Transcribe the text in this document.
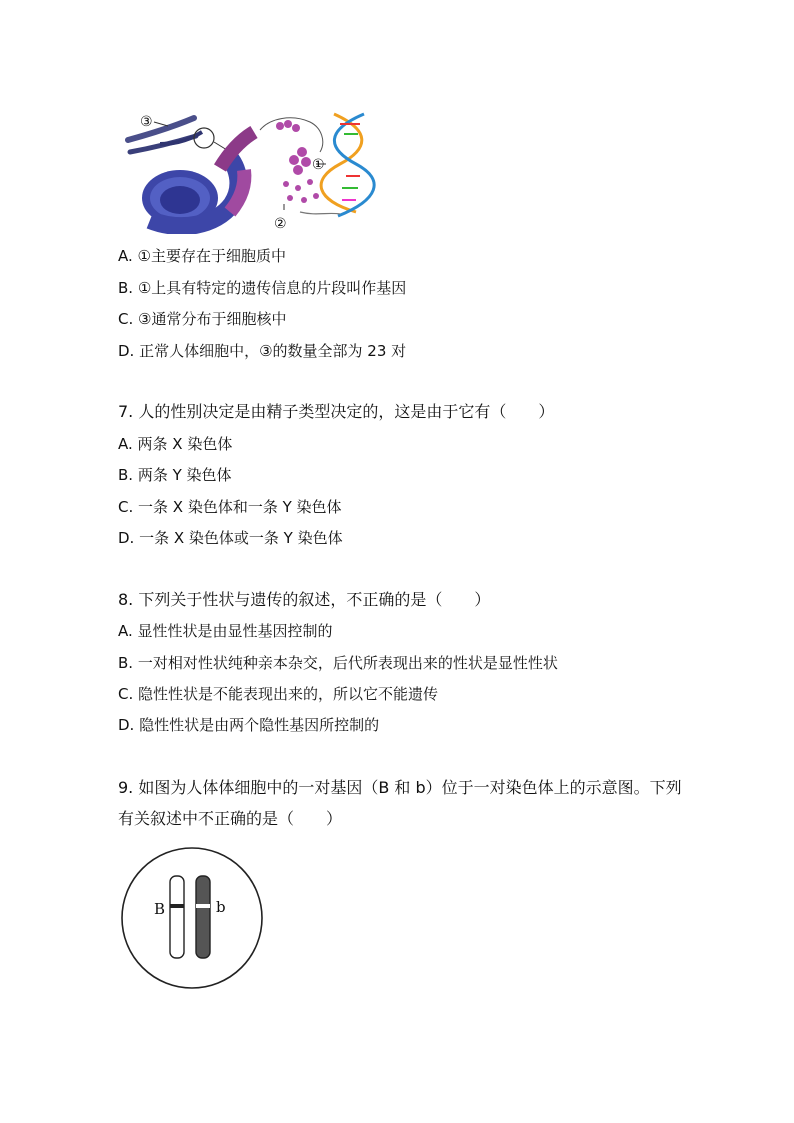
③
①
②
A. ①主要存在于细胞质中
B. ①上具有特定的遗传信息的片段叫作基因
C. ③通常分布于细胞核中
D. 正常人体细胞中，③的数量全部为 23 对
7. 人的性别决定是由精子类型决定的，这是由于它有（　　）
A. 两条 X 染色体
B. 两条 Y 染色体
C. 一条 X 染色体和一条 Y 染色体
D. 一条 X 染色体或一条 Y 染色体
8. 下列关于性状与遗传的叙述，不正确的是（　　）
A. 显性性状是由显性基因控制的
B. 一对相对性状纯种亲本杂交，后代所表现出来的性状是显性性状
C. 隐性性状是不能表现出来的，所以它不能遗传
D. 隐性性状是由两个隐性基因所控制的
9. 如图为人体体细胞中的一对基因（B 和 b）位于一对染色体上的示意图。下列
有关叙述中不正确的是（　　）
B	b
